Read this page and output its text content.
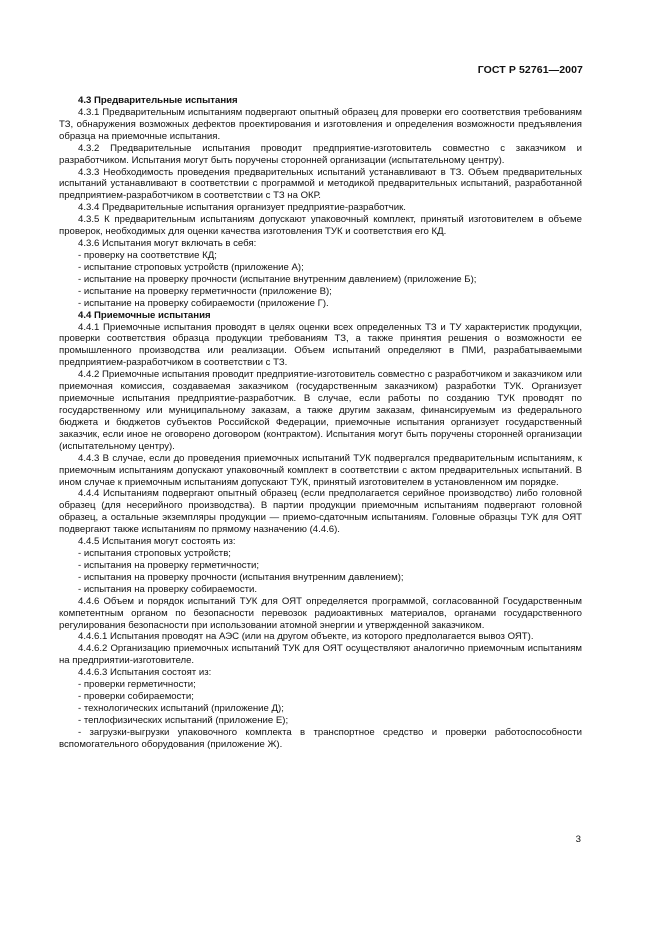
ГОСТ Р 52761—2007

4.3 Предварительные испытания

4.3.1 Предварительным испытаниям подвергают опытный образец для проверки его соответствия требованиям ТЗ, обнаружения возможных дефектов проектирования и изготовления и определения возможности предъявления образца на приемочные испытания.

4.3.2 Предварительные испытания проводит предприятие-изготовитель совместно с заказчиком и разработчиком. Испытания могут быть поручены сторонней организации (испытательному центру).

4.3.3 Необходимость проведения предварительных испытаний устанавливают в ТЗ. Объем предварительных испытаний устанавливают в соответствии с программой и методикой предварительных испытаний, разработанной предприятием-разработчиком в соответствии с ТЗ на ОКР.

4.3.4 Предварительные испытания организует предприятие-разработчик.

4.3.5 К предварительным испытаниям допускают упаковочный комплект, принятый изготовителем в объеме проверок, необходимых для оценки качества изготовления ТУК и соответствия его КД.

4.3.6 Испытания могут включать в себя:

- проверку на соответствие КД;

- испытание строповых устройств (приложение А);

- испытание на проверку прочности (испытание внутренним давлением) (приложение Б);

- испытание на проверку герметичности (приложение В);

- испытание на проверку собираемости (приложение Г).

4.4 Приемочные испытания

4.4.1 Приемочные испытания проводят в целях оценки всех определенных ТЗ и ТУ характеристик продукции, проверки соответствия образца продукции требованиям ТЗ, а также принятия решения о возможности ее промышленного производства или реализации. Объем испытаний определяют в ПМИ, разрабатываемыми предприятием-разработчиком в соответствии с ТЗ.

4.4.2 Приемочные испытания проводит предприятие-изготовитель совместно с разработчиком и заказчиком или приемочная комиссия, создаваемая заказчиком (государственным заказчиком) разработки ТУК. Организует приемочные испытания предприятие-разработчик. В случае, если работы по созданию ТУК проводят по государственному или муниципальному заказам, а также другим заказам, финансируемым из федерального бюджета и бюджетов субъектов Российской Федерации, приемочные испытания организует государственный заказчик, если иное не оговорено договором (контрактом). Испытания могут быть поручены сторонней организации (испытательному центру).

4.4.3 В случае, если до проведения приемочных испытаний ТУК подвергался предварительным испытаниям, к приемочным испытаниям допускают упаковочный комплект в соответствии с актом предварительных испытаний. В ином случае к приемочным испытаниям допускают ТУК, принятый изготовителем в установленном им порядке.

4.4.4 Испытаниям подвергают опытный образец (если предполагается серийное производство) либо головной образец (для несерийного производства). В партии продукции приемочным испытаниям подвергают головной образец, а остальные экземпляры продукции — приемо-сдаточным испытаниям. Головные образцы ТУК для ОЯТ подвергают также испытаниям по прямому назначению (4.4.6).

4.4.5 Испытания могут состоять из:

- испытания строповых устройств;

- испытания на проверку герметичности;

- испытания на проверку прочности (испытания внутренним давлением);

- испытания на проверку собираемости.

4.4.6 Объем и порядок испытаний ТУК для ОЯТ определяется программой, согласованной Государственным компетентным органом по безопасности перевозок радиоактивных материалов, органами государственного регулирования безопасности при использовании атомной энергии и утвержденной заказчиком.

4.4.6.1 Испытания проводят на АЭС (или на другом объекте, из которого предполагается вывоз ОЯТ).

4.4.6.2 Организацию приемочных испытаний ТУК для ОЯТ осуществляют аналогично приемочным испытаниям на предприятии-изготовителе.

4.4.6.3 Испытания состоят из:

- проверки герметичности;

- проверки собираемости;

- технологических испытаний (приложение Д);

- теплофизических испытаний (приложение Е);

- загрузки-выгрузки упаковочного комплекта в транспортное средство и проверки работоспособности вспомогательного оборудования (приложение Ж).

3
